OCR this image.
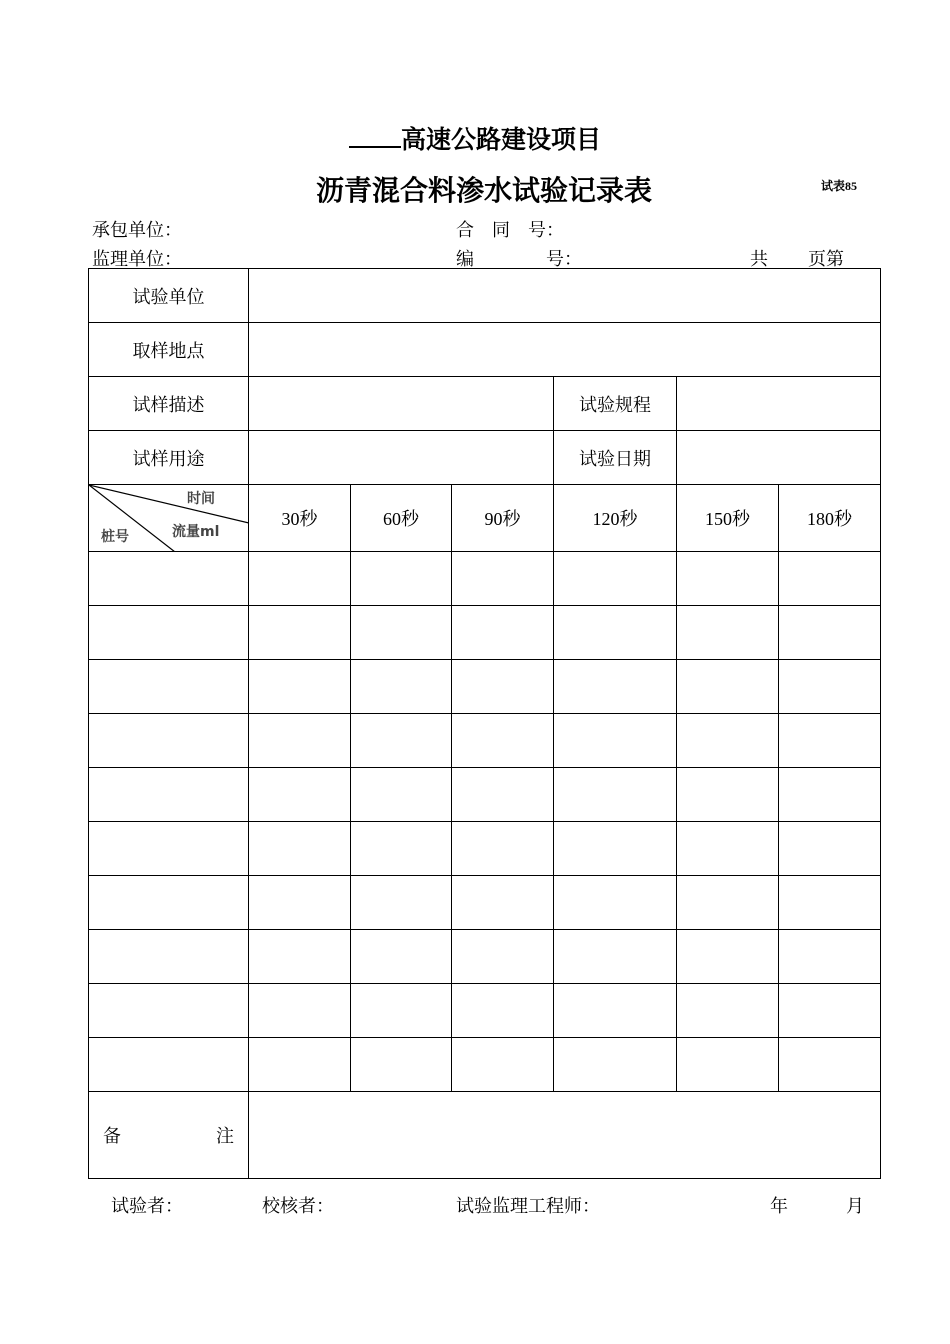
高速公路建设项目
沥青混合料渗水试验记录表	试表85
承包单位：	合　同　号：
监理单位：	编　　　　号：	共 页第
试验单位						
取样地点						
试样描述				试验规程		
试样用途				试验日期		

时间
流量ml
桩号	30秒	60秒	90秒	120秒	150秒	180秒

备 注						

试验者：	校核者：	试验监理工程师：	年	月
